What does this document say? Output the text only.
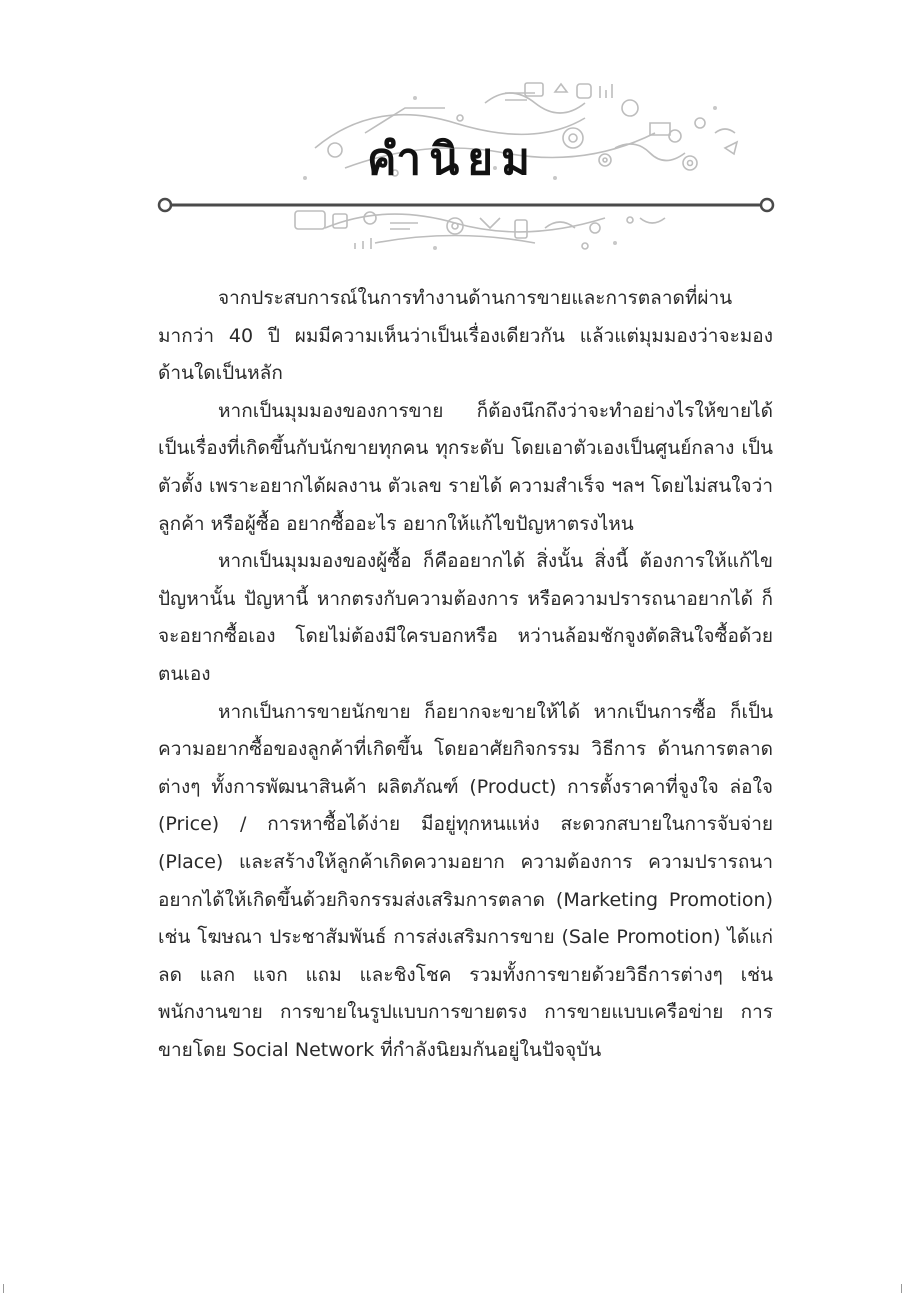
คำนิยม

จากประสบการณ์ในการทำงานด้านการขายและการตลาดที่ผ่านมากว่า 40 ปี ผมมีความเห็นว่าเป็นเรื่องเดียวกัน แล้วแต่มุมมองว่าจะมองด้านใดเป็นหลัก

หากเป็นมุมมองของการขาย ก็ต้องนึกถึงว่าจะทำอย่างไรให้ขายได้ เป็นเรื่องที่เกิดขึ้นกับนักขายทุกคน ทุกระดับ โดยเอาตัวเองเป็นศูนย์กลาง เป็นตัวตั้ง เพราะอยากได้ผลงาน ตัวเลข รายได้ ความสำเร็จ ฯลฯ โดยไม่สนใจว่าลูกค้า หรือผู้ซื้อ อยากซื้ออะไร อยากให้แก้ไขปัญหาตรงไหน

หากเป็นมุมมองของผู้ซื้อ ก็คืออยากได้ สิ่งนั้น สิ่งนี้ ต้องการให้แก้ไขปัญหานั้น ปัญหานี้ หากตรงกับความต้องการ หรือความปรารถนาอยากได้ ก็จะอยากซื้อเอง โดยไม่ต้องมีใครบอกหรือ หว่านล้อมชักจูงตัดสินใจซื้อด้วยตนเอง

หากเป็นการขายนักขาย ก็อยากจะขายให้ได้ หากเป็นการซื้อ ก็เป็นความอยากซื้อของลูกค้าที่เกิดขึ้น โดยอาศัยกิจกรรม วิธีการ ด้านการตลาด ต่างๆ ทั้งการพัฒนาสินค้า ผลิตภัณฑ์ (Product) การตั้งราคาที่จูงใจ ล่อใจ (Price) / การหาซื้อได้ง่าย มีอยู่ทุกหนแห่ง สะดวกสบายในการจับจ่าย (Place) และสร้างให้ลูกค้าเกิดความอยาก ความต้องการ ความปรารถนา อยากได้ให้เกิดขึ้นด้วยกิจกรรมส่งเสริมการตลาด (Marketing Promotion) เช่น โฆษณา ประชาสัมพันธ์ การส่งเสริมการขาย (Sale Promotion) ได้แก่ ลด แลก แจก แถม และชิงโชค รวมทั้งการขายด้วยวิธีการต่างๆ เช่น พนักงานขาย การขายในรูปแบบการขายตรง การขายแบบเครือข่าย การขายโดย Social Network ที่กำลังนิยมกันอยู่ในปัจจุบัน
